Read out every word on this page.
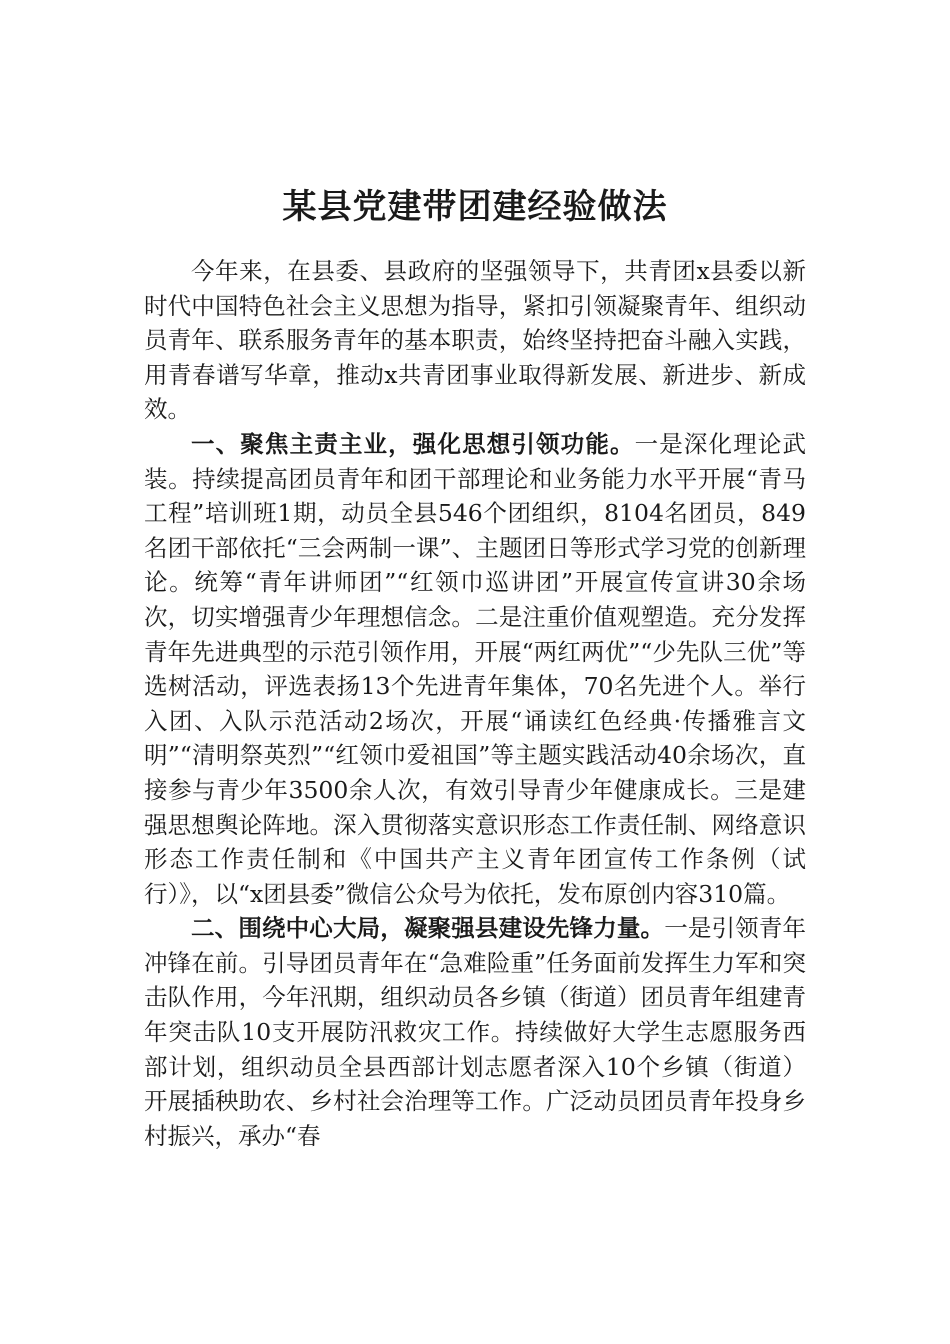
某县党建带团建经验做法

今年来，在县委、县政府的坚强领导下，共青团x县委以新时代中国特色社会主义思想为指导，紧扣引领凝聚青年、组织动员青年、联系服务青年的基本职责，始终坚持把奋斗融入实践，用青春谱写华章，推动x共青团事业取得新发展、新进步、新成效。

一、聚焦主责主业，强化思想引领功能。一是深化理论武装。持续提高团员青年和团干部理论和业务能力水平开展“青马工程”培训班1期，动员全县546个团组织，8104名团员，849名团干部依托“三会两制一课”、主题团日等形式学习党的创新理论。统筹“青年讲师团”“红领巾巡讲团”开展宣传宣讲30余场次，切实增强青少年理想信念。二是注重价值观塑造。充分发挥青年先进典型的示范引领作用，开展“两红两优”“少先队三优”等选树活动，评选表扬13个先进青年集体，70名先进个人。举行入团、入队示范活动2场次，开展“诵读红色经典·传播雅言文明”“清明祭英烈”“红领巾爱祖国”等主题实践活动40余场次，直接参与青少年3500余人次，有效引导青少年健康成长。三是建强思想舆论阵地。深入贯彻落实意识形态工作责任制、网络意识形态工作责任制和《中国共产主义青年团宣传工作条例（试行）》，以“x团县委”微信公众号为依托，发布原创内容310篇。

二、围绕中心大局，凝聚强县建设先锋力量。一是引领青年冲锋在前。引导团员青年在“急难险重”任务面前发挥生力军和突击队作用，今年汛期，组织动员各乡镇（街道）团员青年组建青年突击队10支开展防汛救灾工作。持续做好大学生志愿服务西部计划，组织动员全县西部计划志愿者深入10个乡镇（街道）开展插秧助农、乡村社会治理等工作。广泛动员团员青年投身乡村振兴，承办“春
